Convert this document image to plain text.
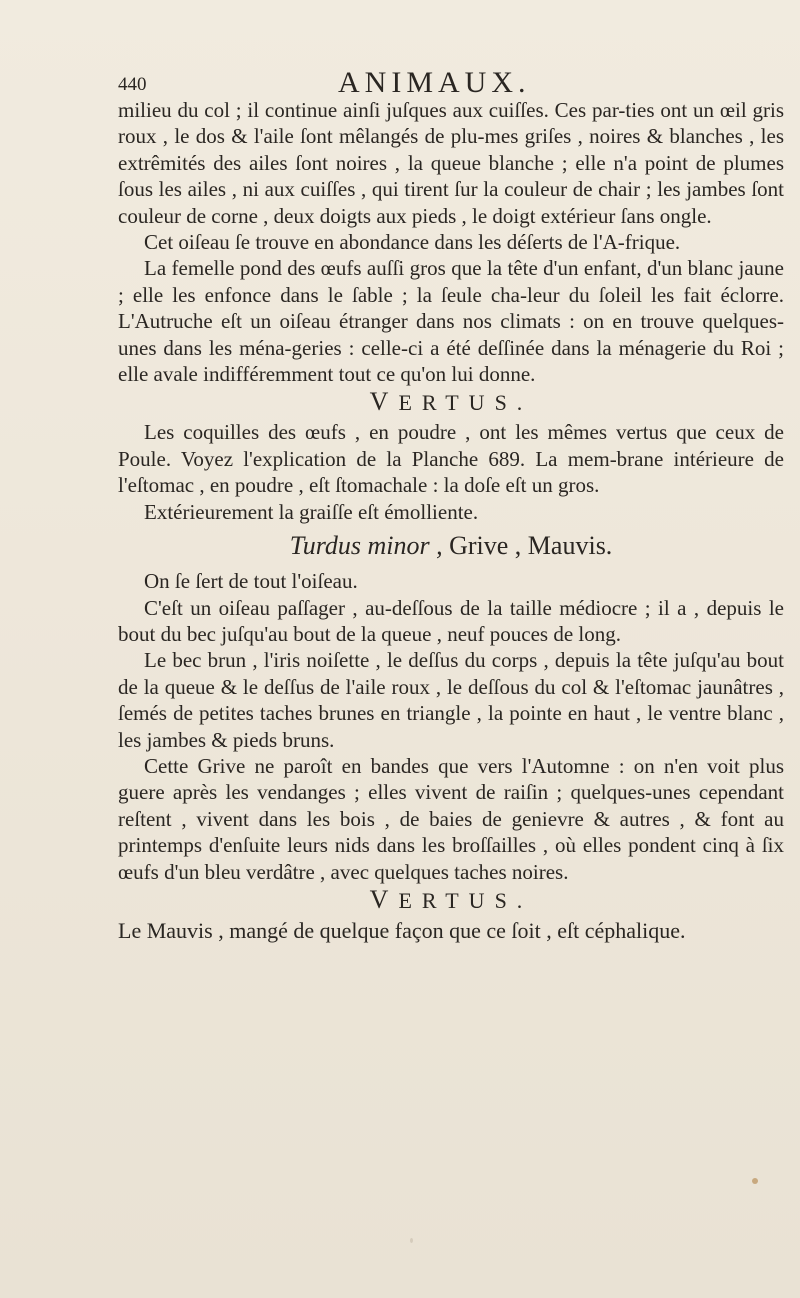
440	ANIMAUX.

milieu du col ; il continue ainſi juſques aux cuiſſes. Ces par-ties ont un œil gris roux , le dos & l'aile ſont mêlangés de plu-mes griſes , noires & blanches , les extrêmités des ailes ſont noires , la queue blanche ; elle n'a point de plumes ſous les ailes , ni aux cuiſſes , qui tirent ſur la couleur de chair ; les jambes ſont couleur de corne , deux doigts aux pieds , le doigt extérieur ſans ongle.

Cet oiſeau ſe trouve en abondance dans les déſerts de l'A-frique.

La femelle pond des œufs auſſi gros que la tête d'un enfant, d'un blanc jaune ; elle les enfonce dans le ſable ; la ſeule cha-leur du ſoleil les fait éclorre. L'Autruche eſt un oiſeau étranger dans nos climats : on en trouve quelques-unes dans les ména-geries : celle-ci a été deſſinée dans la ménagerie du Roi ; elle avale indifféremment tout ce qu'on lui donne.

VERTUS.

Les coquilles des œufs , en poudre , ont les mêmes vertus que ceux de Poule. Voyez l'explication de la Planche 689. La mem-brane intérieure de l'eſtomac , en poudre , eſt ſtomachale : la doſe eſt un gros.

Extérieurement la graiſſe eſt émolliente.

Turdus minor , Grive , Mauvis.

On ſe ſert de tout l'oiſeau.

C'eſt un oiſeau paſſager , au-deſſous de la taille médiocre ; il a , depuis le bout du bec juſqu'au bout de la queue , neuf pouces de long.

Le bec brun , l'iris noiſette , le deſſus du corps , depuis la tête juſqu'au bout de la queue & le deſſus de l'aile roux , le deſſous du col & l'eſtomac jaunâtres , ſemés de petites taches brunes en triangle , la pointe en haut , le ventre blanc , les jambes & pieds bruns.

Cette Grive ne paroît en bandes que vers l'Automne : on n'en voit plus guere après les vendanges ; elles vivent de raiſin ; quelques-unes cependant reſtent , vivent dans les bois , de baies de genievre & autres , & font au printemps d'enſuite leurs nids dans les broſſailles , où elles pondent cinq à ſix œufs d'un bleu verdâtre , avec quelques taches noires.

VERTUS.

Le Mauvis , mangé de quelque façon que ce ſoit , eſt céphalique.
